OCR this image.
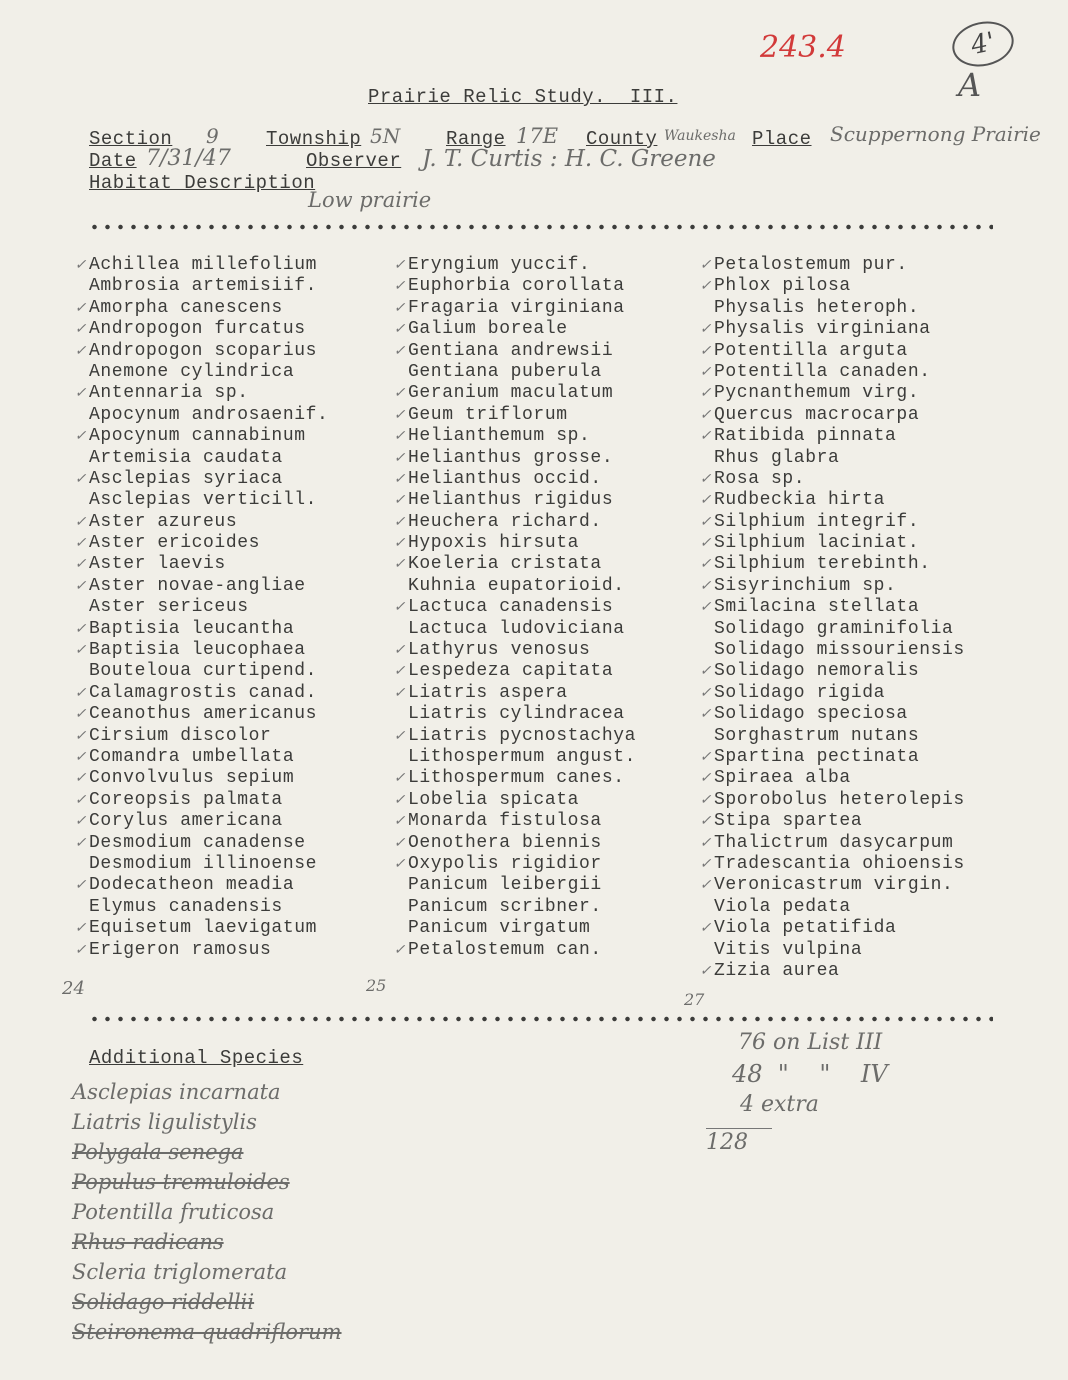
243.4	4'
A
Prairie Relic Study.  III.
Section 9 Township 5N Range 17E County Waukesha Place Scuppernong Prairie
Date 7/31/47	Observer J. T. Curtis : H. C. Greene
Habitat Description
Low prairie
✓ Achillea millefolium
Ambrosia artemisiif.
✓ Amorpha canescens
✓ Andropogon furcatus
✓ Andropogon scoparius
Anemone cylindrica
✓ Antennaria sp.
Apocynum androsaenif.
✓ Apocynum cannabinum
Artemisia caudata
✓ Asclepias syriaca
Asclepias verticill.
✓ Aster azureus
✓ Aster ericoides
✓ Aster laevis
✓ Aster novae-angliae
Aster sericeus
✓ Baptisia leucantha
✓ Baptisia leucophaea
Bouteloua curtipend.
✓ Calamagrostis canad.
✓ Ceanothus americanus
✓ Cirsium discolor
✓ Comandra umbellata
✓ Convolvulus sepium
✓ Coreopsis palmata
✓ Corylus americana
✓ Desmodium canadense
Desmodium illinoense
✓ Dodecatheon meadia
Elymus canadensis
✓ Equisetum laevigatum
✓ Erigeron ramosus
✓ Eryngium yuccif.
✓ Euphorbia corollata
✓ Fragaria virginiana
✓ Galium boreale
✓ Gentiana andrewsii
Gentiana puberula
✓ Geranium maculatum
✓ Geum triflorum
✓ Helianthemum sp.
✓ Helianthus grosse.
✓ Helianthus occid.
✓ Helianthus rigidus
✓ Heuchera richard.
✓ Hypoxis hirsuta
✓ Koeleria cristata
Kuhnia eupatorioid.
✓ Lactuca canadensis
Lactuca ludoviciana
✓ Lathyrus venosus
✓ Lespedeza capitata
✓ Liatris aspera
Liatris cylindracea
✓ Liatris pycnostachya
Lithospermum angust.
✓ Lithospermum canes.
✓ Lobelia spicata
✓ Monarda fistulosa
✓ Oenothera biennis
✓ Oxypolis rigidior
Panicum leibergii
Panicum scribner.
Panicum virgatum
✓ Petalostemum can.
✓ Petalostemum pur.
✓ Phlox pilosa
Physalis heteroph.
✓ Physalis virginiana
✓ Potentilla arguta
✓ Potentilla canaden.
✓ Pycnanthemum virg.
✓ Quercus macrocarpa
✓ Ratibida pinnata
Rhus glabra
✓ Rosa sp.
✓ Rudbeckia hirta
✓ Silphium integrif.
✓ Silphium laciniat.
✓ Silphium terebinth.
✓ Sisyrinchium sp.
✓ Smilacina stellata
Solidago graminifolia
Solidago missouriensis
✓ Solidago nemoralis
✓ Solidago rigida
✓ Solidago speciosa
Sorghastrum nutans
✓ Spartina pectinata
✓ Spiraea alba
✓ Sporobolus heterolepis
✓ Stipa spartea
✓ Thalictrum dasycarpum
✓ Tradescantia ohioensis
✓ Veronicastrum virgin.
Viola pedata
✓ Viola petatifida
Vitis vulpina
✓ Zizia aurea
24	25
27
Additional Species
Asclepias incarnata
Liatris ligulistylis
Polygala senega
Populus tremuloides
Potentilla fruticosa
Rhus radicans
Scleria triglomerata
Solidago riddellii
Steironema quadriflorum
76 on List III
48  "    "    IV
4 extra
128
